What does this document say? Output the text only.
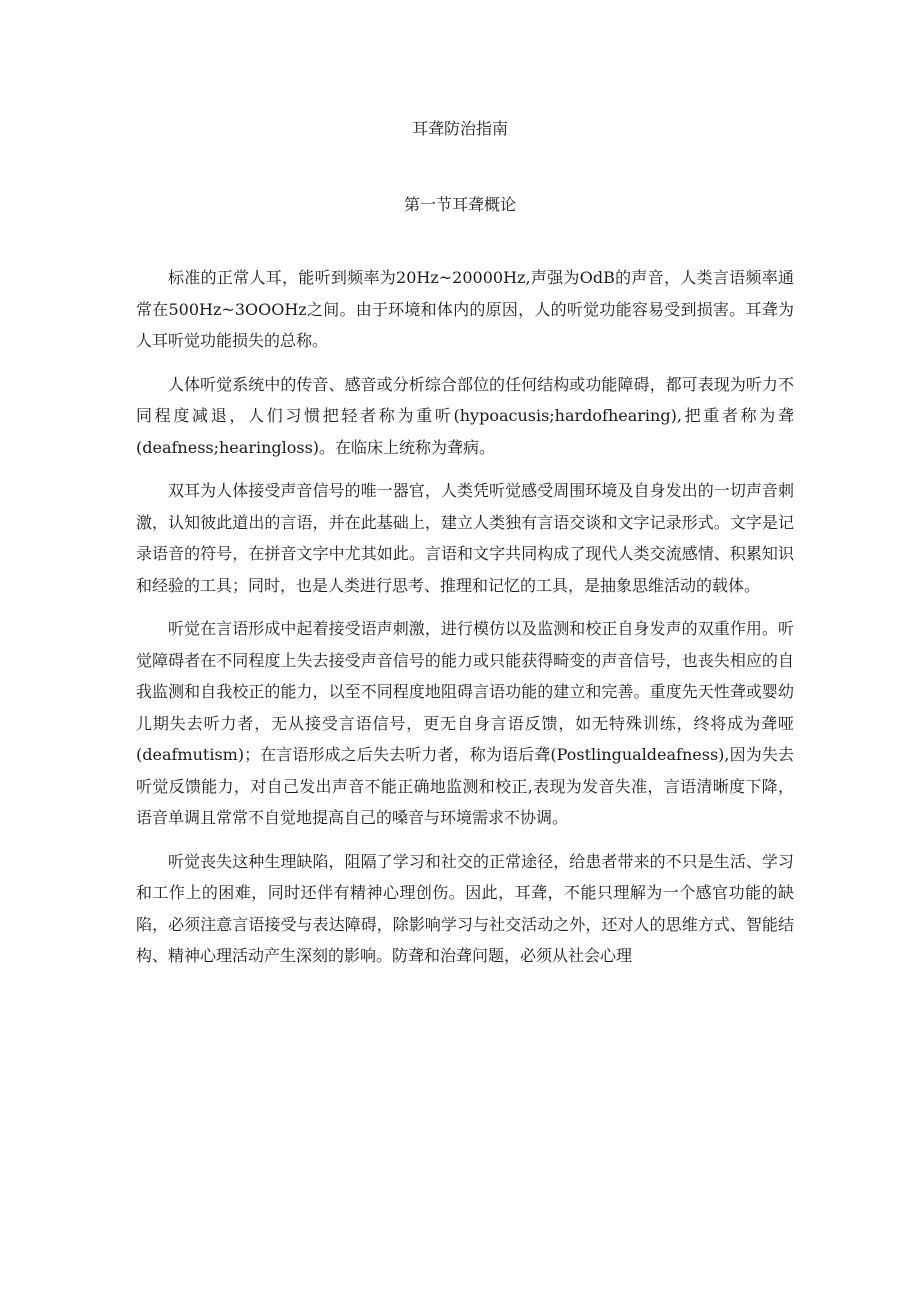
耳聋防治指南
第一节耳聋概论

标准的正常人耳，能听到频率为20Hz~20000Hz,声强为OdB的声音，人类言语频率通常在500Hz~3OOOHz之间。由于环境和体内的原因，人的听觉功能容易受到损害。耳聋为人耳听觉功能损失的总称。

人体听觉系统中的传音、感音或分析综合部位的任何结构或功能障碍，都可表现为听力不同程度减退，人们习惯把轻者称为重听(hypoacusis;hardofhearing),把重者称为聋(deafness;hearingloss)。在临床上统称为聋病。

双耳为人体接受声音信号的唯一器官，人类凭听觉感受周围环境及自身发出的一切声音刺激，认知彼此道出的言语，并在此基础上，建立人类独有言语交谈和文字记录形式。文字是记录语音的符号，在拼音文字中尤其如此。言语和文字共同构成了现代人类交流感情、积累知识和经验的工具；同时，也是人类进行思考、推理和记忆的工具，是抽象思维活动的载体。

听觉在言语形成中起着接受语声刺激，进行模仿以及监测和校正自身发声的双重作用。听觉障碍者在不同程度上失去接受声音信号的能力或只能获得畸变的声音信号，也丧失相应的自我监测和自我校正的能力，以至不同程度地阻碍言语功能的建立和完善。重度先天性聋或婴幼儿期失去听力者，无从接受言语信号，更无自身言语反馈，如无特殊训练，终将成为聋哑(deafmutism)；在言语形成之后失去听力者，称为语后聋(Postlingualdeafness),因为失去听觉反馈能力，对自己发出声音不能正确地监测和校正,表现为发音失准，言语清晰度下降，语音单调且常常不自觉地提高自己的嗓音与环境需求不协调。

听觉丧失这种生理缺陷，阻隔了学习和社交的正常途径，给患者带来的不只是生活、学习和工作上的困难，同时还伴有精神心理创伤。因此，耳聋，不能只理解为一个感官功能的缺陷，必须注意言语接受与表达障碍，除影响学习与社交活动之外，还对人的思维方式、智能结构、精神心理活动产生深刻的影响。防聋和治聋问题，必须从社会心理
